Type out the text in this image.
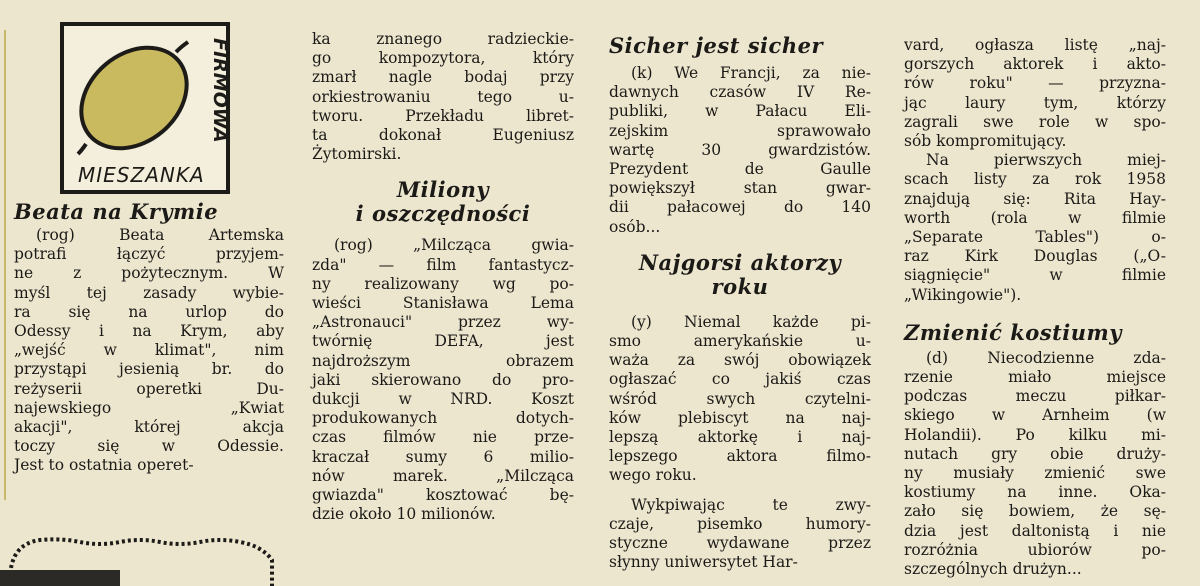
FIRMOWA
MIESZANKA
Beata na Krymie
(rog) Beata Artemska
potrafi łączyć przyjem-
ne z pożytecznym. W
myśl tej zasady wybie-
ra się na urlop do
Odessy i na Krym, aby
„wejść w klimat", nim
przystąpi jesienią br. do
reżyserii operetki Du-
najewskiego „Kwiat
akacji", której akcja
toczy się w Odessie.
Jest to ostatnia operet-
ka znanego radzieckie-
go kompozytora, który
zmarł nagle bodaj przy
orkiestrowaniu tego u-
tworu. Przekładu libret-
ta dokonał Eugeniusz
Żytomirski.
Miliony
i oszczędności
(rog) „Milcząca gwia-
zda" — film fantastycz-
ny realizowany wg po-
wieści Stanisława Lema
„Astronauci" przez wy-
twórnię DEFA, jest
najdroższym obrazem
jaki skierowano do pro-
dukcji w NRD. Koszt
produkowanych dotych-
czas filmów nie prze-
kraczał sumy 6 milio-
nów marek. „Milcząca
gwiazda" kosztować bę-
dzie około 10 milionów.
Sicher jest sicher
(k) We Francji, za nie-
dawnych czasów IV Re-
publiki, w Pałacu Eli-
zejskim sprawowało
wartę 30 gwardzistów.
Prezydent de Gaulle
powiększył stan gwar-
dii pałacowej do 140
osób...
Najgorsi aktorzy
roku
(y) Niemal każde pi-
smo amerykańskie u-
waża za swój obowiązek
ogłaszać co jakiś czas
wśród swych czytelni-
ków plebiscyt na naj-
lepszą aktorkę i naj-
lepszego aktora filmo-
wego roku.
Wykpiwając te zwy-
czaje, pisemko humory-
styczne wydawane przez
słynny uniwersytet Har-
vard, ogłasza listę „naj-
gorszych aktorek i akto-
rów roku" — przyzna-
jąc laury tym, którzy
zagrali swe role w spo-
sób kompromitujący.
Na pierwszych miej-
scach listy za rok 1958
znajdują się: Rita Hay-
worth (rola w filmie
„Separate Tables") o-
raz Kirk Douglas („O-
siągnięcie" w filmie
„Wikingowie").
Zmienić kostiumy
(d) Niecodzienne zda-
rzenie miało miejsce
podczas meczu piłkar-
skiego w Arnheim (w
Holandii). Po kilku mi-
nutach gry obie druży-
ny musiały zmienić swe
kostiumy na inne. Oka-
zało się bowiem, że sę-
dzia jest daltonistą i nie
rozróżnia ubiorów po-
szczególnych drużyn...
